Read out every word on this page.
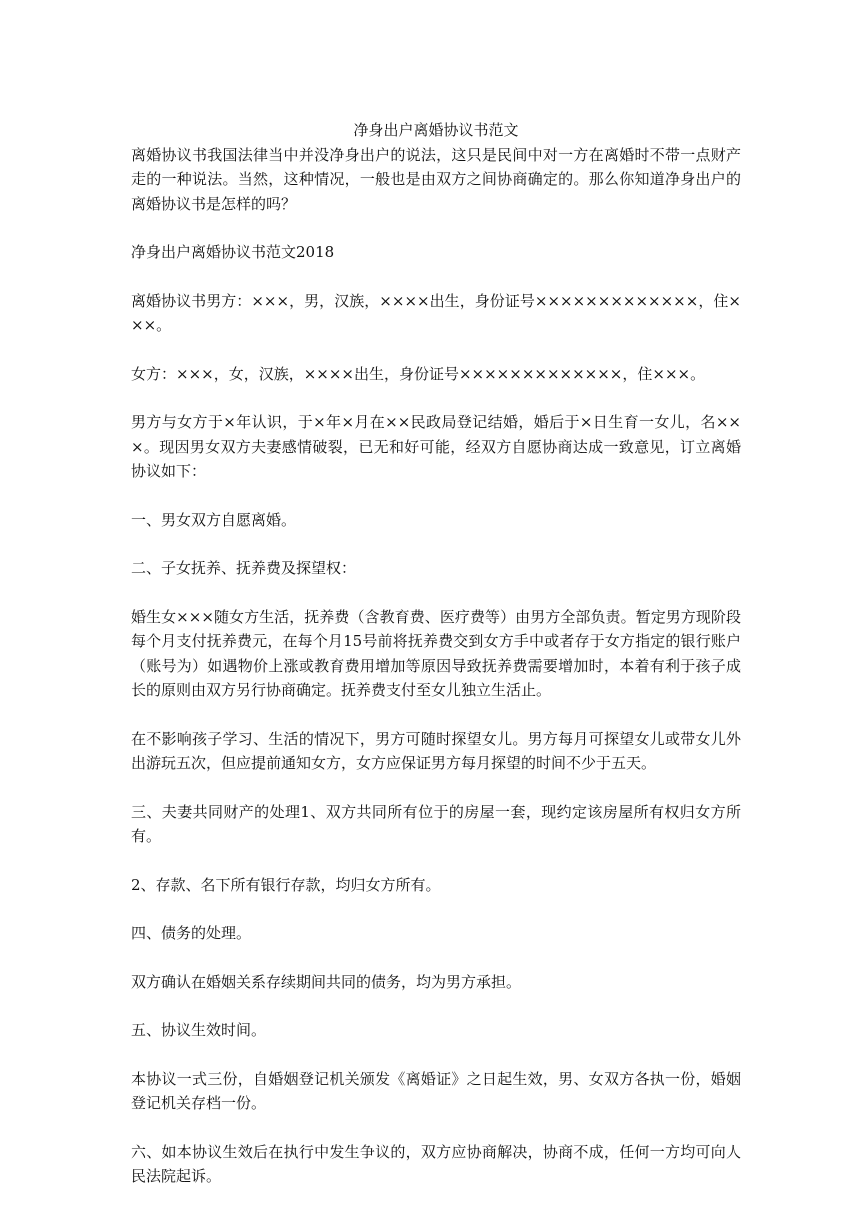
净身出户离婚协议书范文

离婚协议书我国法律当中并没净身出户的说法，这只是民间中对一方在离婚时不带一点财产走的一种说法。当然，这种情况，一般也是由双方之间协商确定的。那么你知道净身出户的离婚协议书是怎样的吗？

净身出户离婚协议书范文2018

离婚协议书男方：×××，男，汉族，××××出生，身份证号×××××××××××××，住×××。

女方：×××，女，汉族，××××出生，身份证号×××××××××××××，住×××。

男方与女方于×年认识，于×年×月在××民政局登记结婚，婚后于×日生育一女儿，名×××。现因男女双方夫妻感情破裂，已无和好可能，经双方自愿协商达成一致意见，订立离婚协议如下：

一、男女双方自愿离婚。

二、子女抚养、抚养费及探望权：

婚生女×××随女方生活，抚养费（含教育费、医疗费等）由男方全部负责。暂定男方现阶段每个月支付抚养费元，在每个月15号前将抚养费交到女方手中或者存于女方指定的银行账户（账号为）如遇物价上涨或教育费用增加等原因导致抚养费需要增加时，本着有利于孩子成长的原则由双方另行协商确定。抚养费支付至女儿独立生活止。

在不影响孩子学习、生活的情况下，男方可随时探望女儿。男方每月可探望女儿或带女儿外出游玩五次，但应提前通知女方，女方应保证男方每月探望的时间不少于五天。

三、夫妻共同财产的处理1、双方共同所有位于的房屋一套，现约定该房屋所有权归女方所有。

2、存款、名下所有银行存款，均归女方所有。

四、债务的处理。

双方确认在婚姻关系存续期间共同的债务，均为男方承担。

五、协议生效时间。

本协议一式三份，自婚姻登记机关颁发《离婚证》之日起生效，男、女双方各执一份，婚姻登记机关存档一份。

六、如本协议生效后在执行中发生争议的，双方应协商解决，协商不成，任何一方均可向人民法院起诉。
